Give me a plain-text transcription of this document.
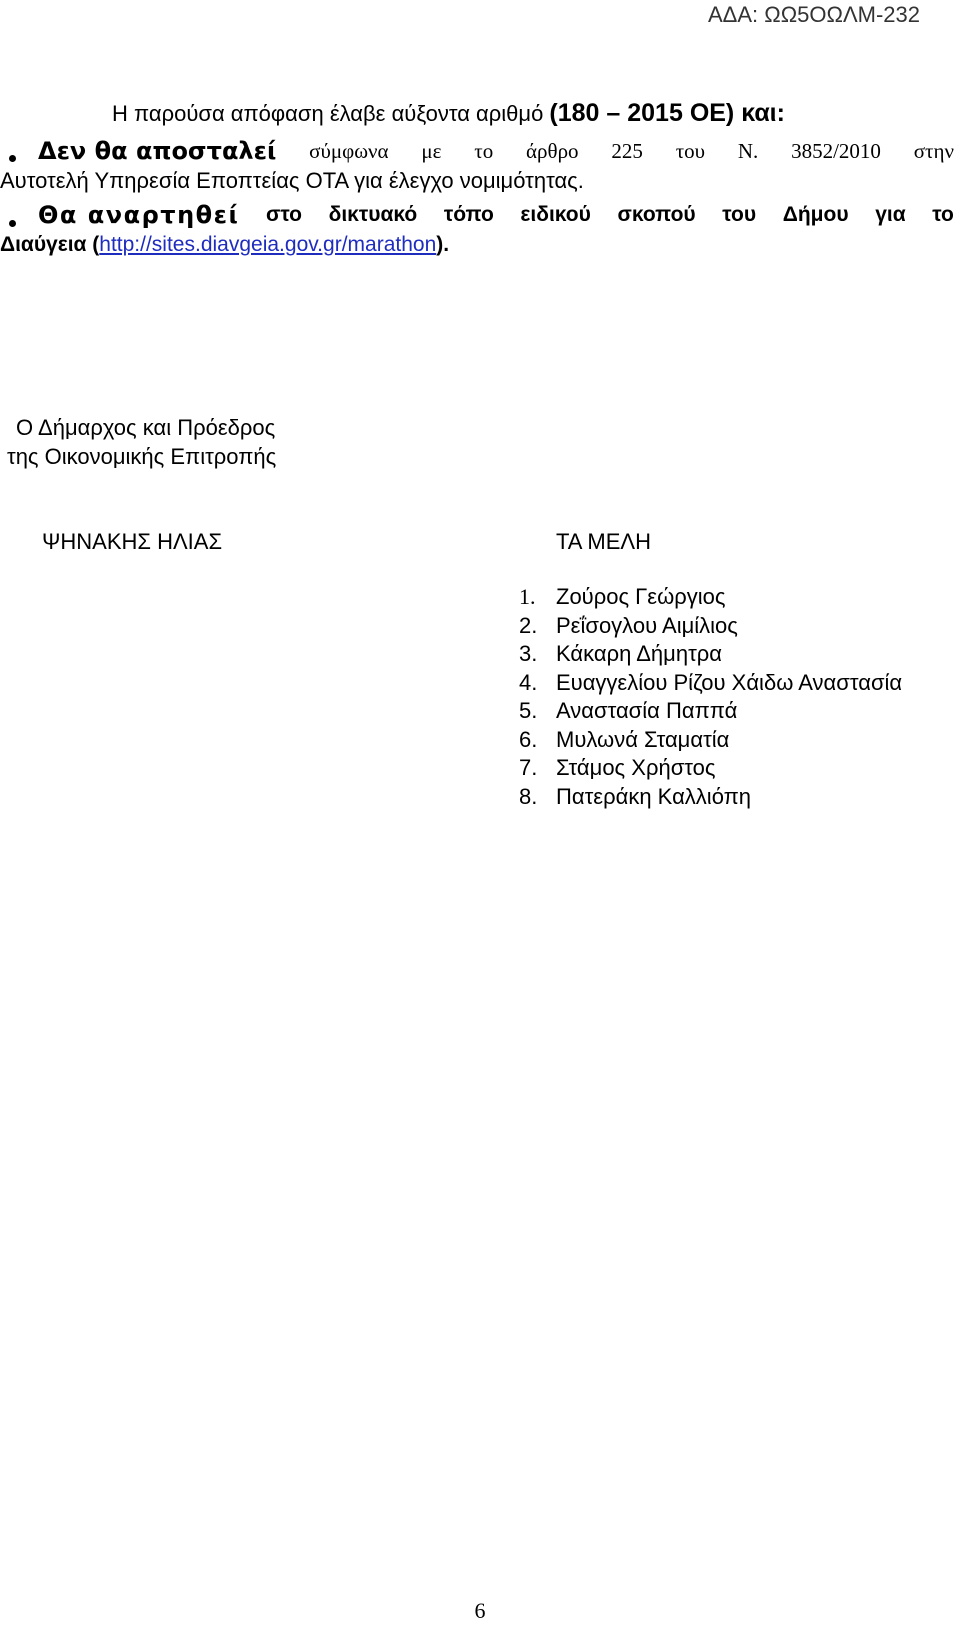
ΑΔΑ: ΩΩ5ΟΩΛΜ-232
Η παρούσα απόφαση έλαβε αύξοντα αριθμό (180 – 2015 ΟΕ) και:
Δεν θα αποσταλεί σύμφωνα με το άρθρο 225 του Ν. 3852/2010 στην
Αυτοτελή Υπηρεσία Εποπτείας ΟΤΑ για έλεγχο νομιμότητας.
Θα αναρτηθεί στο δικτυακό τόπο ειδικού σκοπού του Δήμου για το
Διαύγεια (http://sites.diavgeia.gov.gr/marathon).
Ο Δήμαρχος και Πρόεδρος
της Οικονομικής Επιτροπής
ΨΗΝΑΚΗΣ ΗΛΙΑΣ	ΤΑ ΜΕΛΗ
1. Ζούρος Γεώργιος
2. Ρεΐσογλου Αιμίλιος
3. Κάκαρη Δήμητρα
4. Ευαγγελίου Ρίζου Χάιδω Αναστασία
5. Αναστασία Παππά
6. Μυλωνά Σταματία
7. Στάμος Χρήστος
8. Πατεράκη Καλλιόπη
6
